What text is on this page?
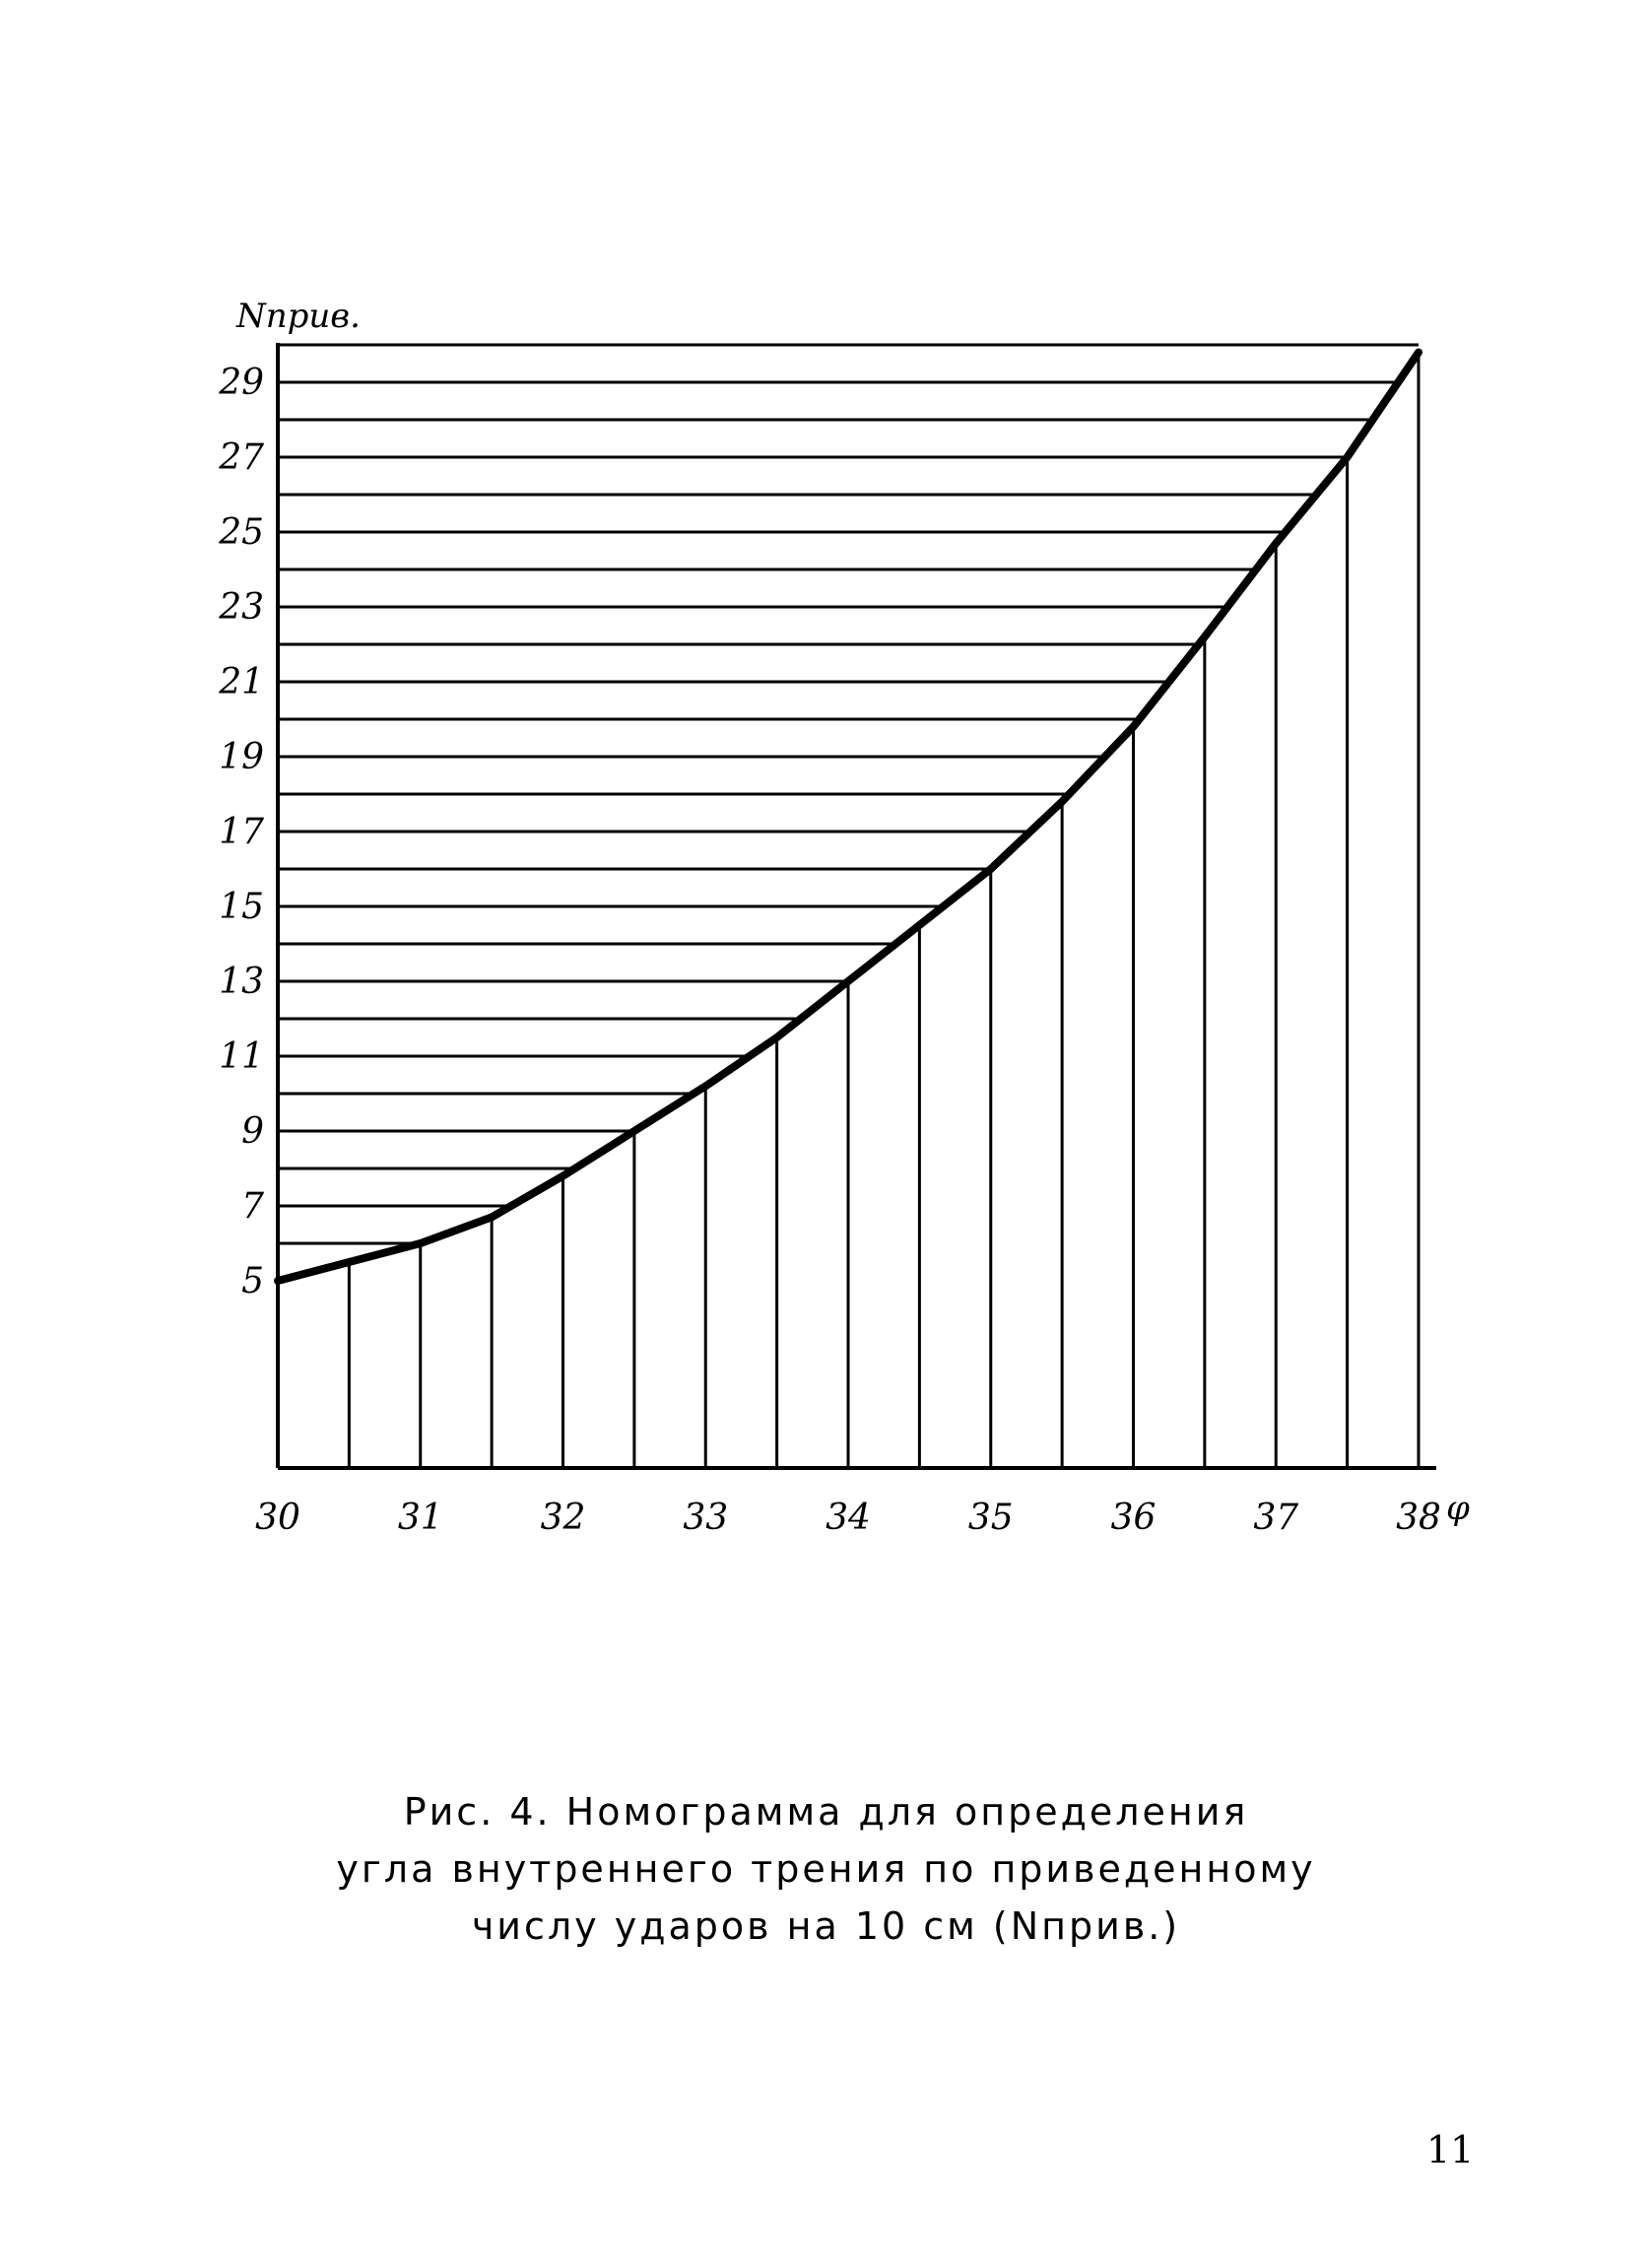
5
7
9
11
13
15
17
19
21
23
25
27
29
30	31	32	33	34	35	36	37	38
Nприв.
φ
Рис. 4. Номограмма для определения
угла внутреннего трения по приведенному
числу ударов на 10 см (Nприв.)
11
